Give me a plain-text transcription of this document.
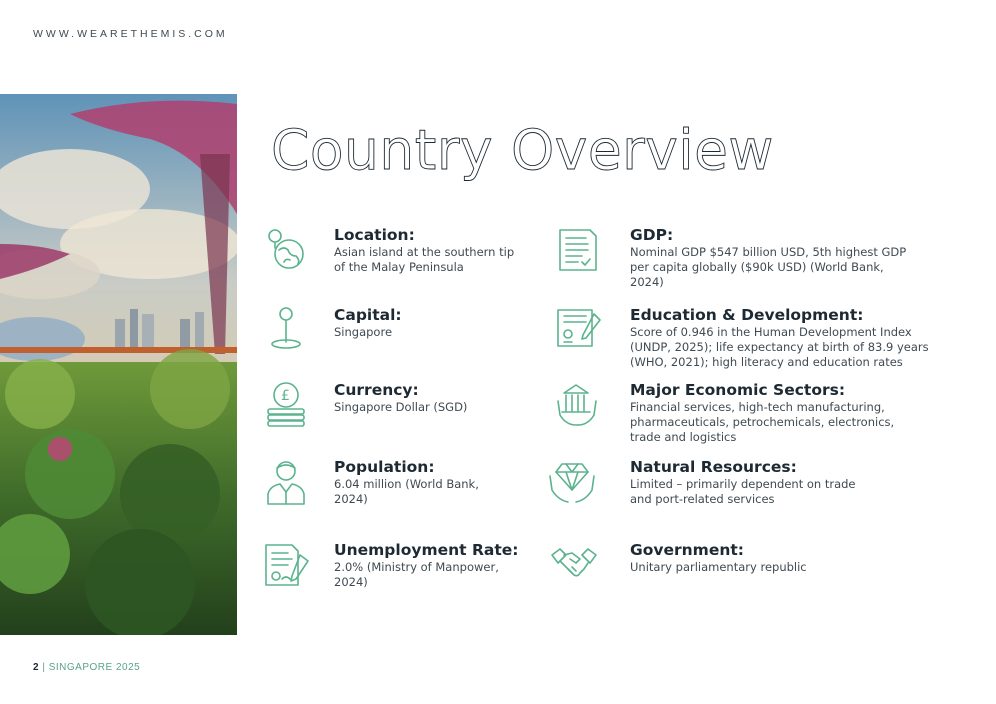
WWW.WEARETHEMIS.COM
Country Overview
Location:
Asian island at the southern tip of the Malay Peninsula
Capital:
Singapore
£	Currency:
Singapore Dollar (SGD)
Population:
6.04 million (World Bank, 2024)
Unemployment Rate:
2.0% (Ministry of Manpower, 2024)
GDP:
Nominal GDP $547 billion USD, 5th highest GDP per capita globally ($90k USD) (World Bank, 2024)
Education & Development:
Score of 0.946 in the Human Development Index (UNDP, 2025); life expectancy at birth of 83.9 years (WHO, 2021); high literacy and education rates
Major Economic Sectors:
Financial services, high-tech manufacturing, pharmaceuticals, petrochemicals, electronics, trade and logistics
Natural Resources:
Limited – primarily dependent on trade and port-related services
Government:
Unitary parliamentary republic
2 | SINGAPORE 2025
